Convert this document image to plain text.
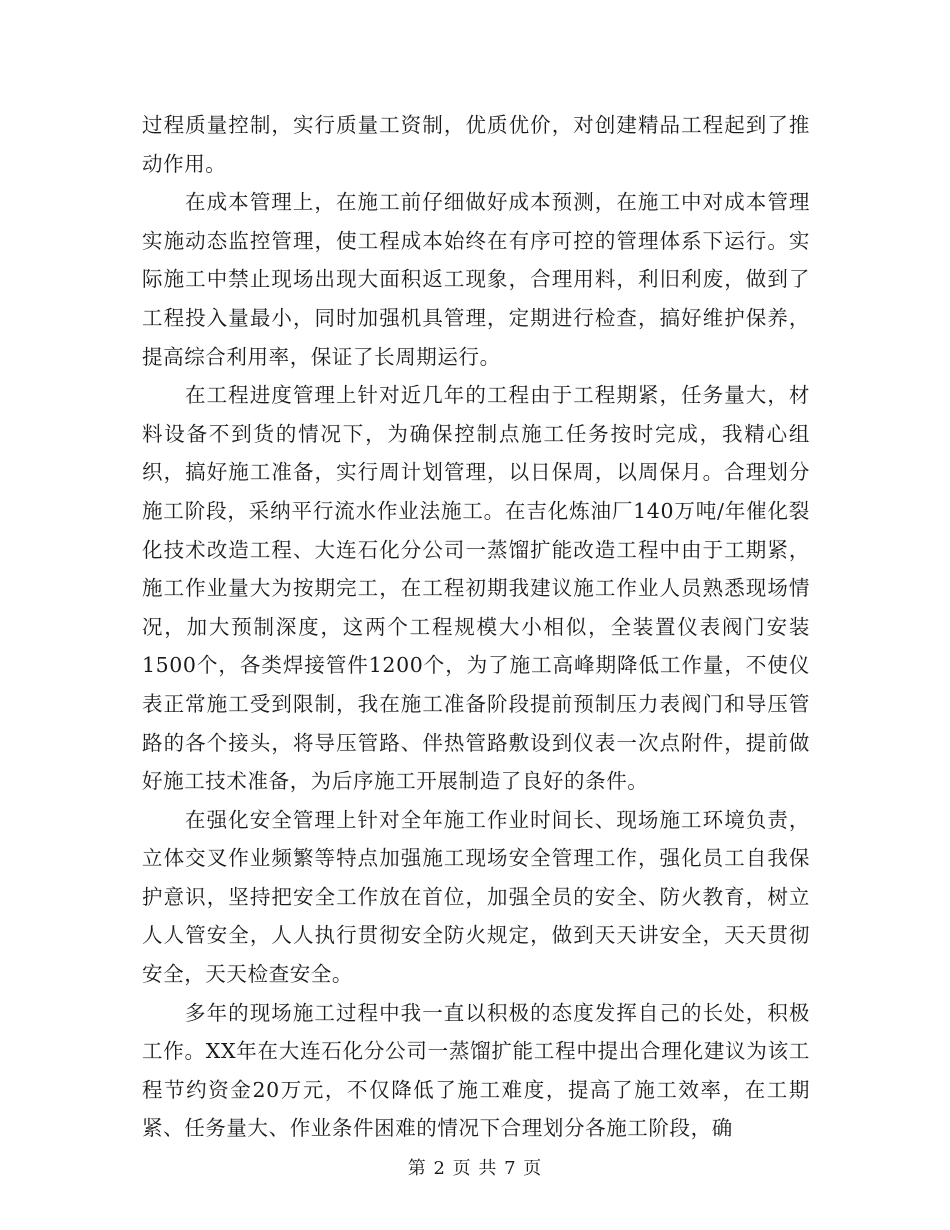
过程质量控制，实行质量工资制，优质优价，对创建精品工程起到了推动作用。

在成本管理上，在施工前仔细做好成本预测，在施工中对成本管理实施动态监控管理，使工程成本始终在有序可控的管理体系下运行。实际施工中禁止现场出现大面积返工现象，合理用料，利旧利废，做到了工程投入量最小，同时加强机具管理，定期进行检查，搞好维护保养，提高综合利用率，保证了长周期运行。

在工程进度管理上针对近几年的工程由于工程期紧，任务量大，材料设备不到货的情况下，为确保控制点施工任务按时完成，我精心组织，搞好施工准备，实行周计划管理，以日保周，以周保月。合理划分施工阶段，采纳平行流水作业法施工。在吉化炼油厂140万吨/年催化裂化技术改造工程、大连石化分公司一蒸馏扩能改造工程中由于工期紧，施工作业量大为按期完工，在工程初期我建议施工作业人员熟悉现场情况，加大预制深度，这两个工程规模大小相似，全装置仪表阀门安装1500个，各类焊接管件1200个，为了施工高峰期降低工作量，不使仪表正常施工受到限制，我在施工准备阶段提前预制压力表阀门和导压管路的各个接头，将导压管路、伴热管路敷设到仪表一次点附件，提前做好施工技术准备，为后序施工开展制造了良好的条件。

在强化安全管理上针对全年施工作业时间长、现场施工环境负责，立体交叉作业频繁等特点加强施工现场安全管理工作，强化员工自我保护意识，坚持把安全工作放在首位，加强全员的安全、防火教育，树立人人管安全，人人执行贯彻安全防火规定，做到天天讲安全，天天贯彻安全，天天检查安全。

多年的现场施工过程中我一直以积极的态度发挥自己的长处，积极工作。XX年在大连石化分公司一蒸馏扩能工程中提出合理化建议为该工程节约资金20万元，不仅降低了施工难度，提高了施工效率，在工期紧、任务量大、作业条件困难的情况下合理划分各施工阶段，确

第 2 页 共 7 页
